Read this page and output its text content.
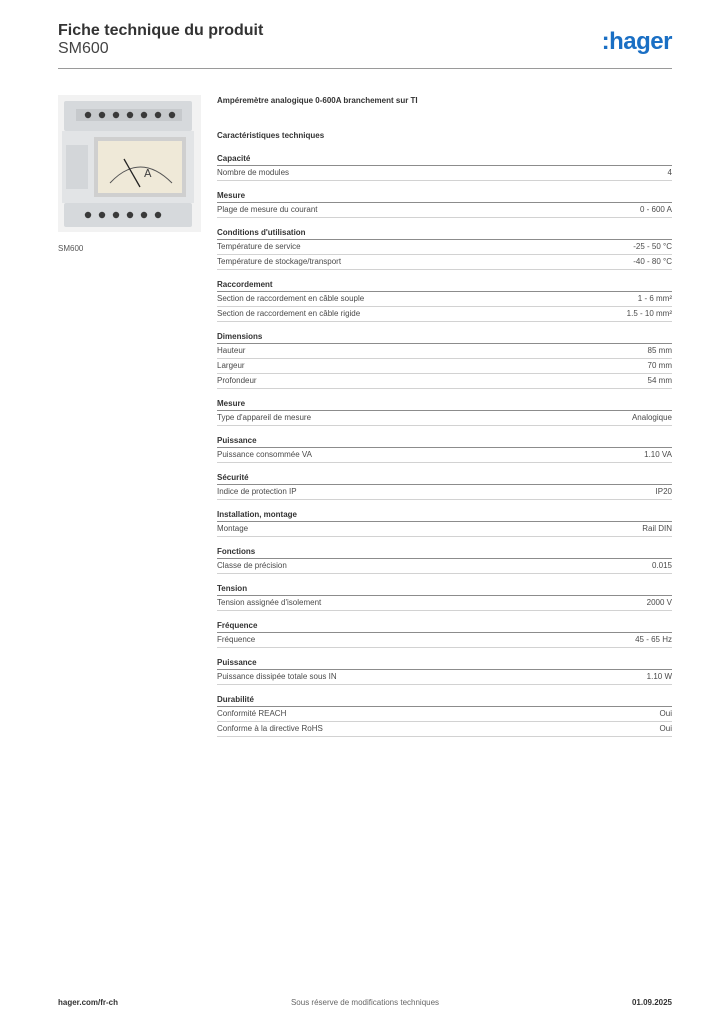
Fiche technique du produit
SM600	:hager
A
SM600
Ampéremètre analogique 0-600A branchement sur TI
Caractéristiques techniques
Capacité
Nombre de modules	4
Mesure
Plage de mesure du courant	0 - 600 A
Conditions d'utilisation
Température de service	-25 - 50 °C
Température de stockage/transport	-40 - 80 °C
Raccordement
Section de raccordement en câble souple	1 - 6 mm²
Section de raccordement en câble rigide	1.5 - 10 mm²
Dimensions
Hauteur	85 mm
Largeur	70 mm
Profondeur	54 mm
Mesure
Type d'appareil de mesure	Analogique
Puissance
Puissance consommée VA	1.10 VA
Sécurité
Indice de protection IP	IP20
Installation, montage
Montage	Rail DIN
Fonctions
Classe de précision	0.015
Tension
Tension assignée d'isolement	2000 V
Fréquence
Fréquence	45 - 65 Hz
Puissance
Puissance dissipée totale sous IN	1.10 W
Durabilité
Conformité REACH	Oui
Conforme à la directive RoHS	Oui
Sous réserve de modifications techniques
hager.com/fr-ch	01.09.2025
